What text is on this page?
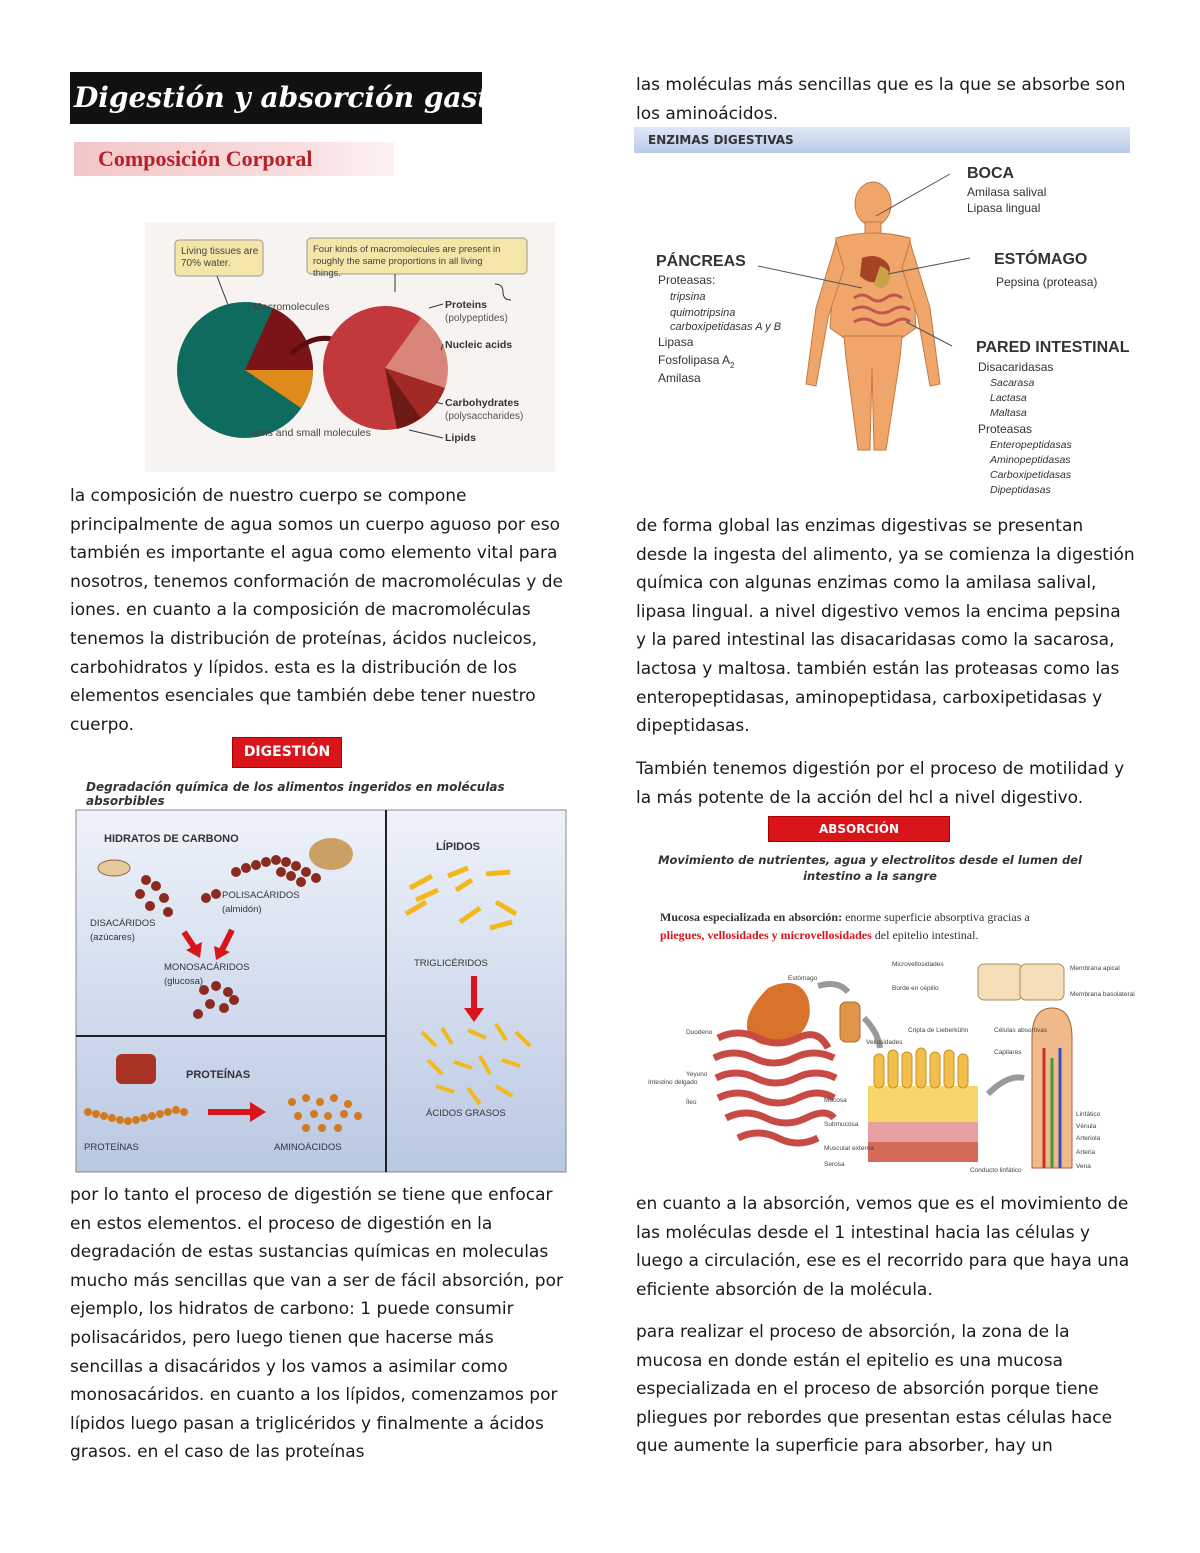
Digestión y absorción gastrointestinal
Composición Corporal
Living tissues are 70% water.
Four kinds of macromolecules are present in roughly the same proportions in all living things.
Macromolecules
Ions and small molecules
Proteins
(polypeptides)
Nucleic acids
Carbohydrates
(polysaccharides)
Lipids

la composición de nuestro cuerpo se compone principalmente de agua somos un cuerpo aguoso por eso también es importante el agua como elemento vital para nosotros, tenemos conformación de macromoléculas y de iones. en cuanto a la composición de macromoléculas tenemos la distribución de proteínas, ácidos nucleicos, carbohidratos y lípidos. esta es la distribución de los elementos esenciales que también debe tener nuestro cuerpo.

DIGESTIÓN
Degradación química de los alimentos ingeridos en moléculas absorbibles
HIDRATOS DE CARBONO
POLISACÁRIDOS
(almidón)
DISACÁRIDOS
(azúcares)
MONOSACÁRIDOS
(glucosa)
LÍPIDOS
TRIGLICÉRIDOS
ÁCIDOS GRASOS
PROTEÍNAS
PROTEÍNAS	AMINOÁCIDOS

por lo tanto el proceso de digestión se tiene que enfocar en estos elementos. el proceso de digestión en la degradación de estas sustancias químicas en moleculas mucho más sencillas que van a ser de fácil absorción, por ejemplo, los hidratos de carbono: 1 puede consumir polisacáridos, pero luego tienen que hacerse más sencillas a disacáridos y los vamos a asimilar como monosacáridos. en cuanto a los lípidos, comenzamos por lípidos luego pasan a triglicéridos y finalmente a ácidos grasos. en el caso de las proteínas

las moléculas más sencillas que es la que se absorbe son los aminoácidos.

ENZIMAS DIGESTIVAS
BOCA
Amilasa salival
Lipasa lingual
ESTÓMAGO
Pepsina (proteasa)
PÁNCREAS
Proteasas:
tripsina
quimotripsina
carboxipetidasas A y B
Lipasa
Fosfolipasa $A_2$
Amilasa
PARED INTESTINAL
Disacaridasas
Sacarasa
Lactasa
Maltasa
Proteasas
Enteropeptidasas
Aminopeptidasas
Carboxipetidasas
Dipeptidasas

de forma global las enzimas digestivas se presentan desde la ingesta del alimento, ya se comienza la digestión química con algunas enzimas como la amilasa salival, lipasa lingual. a nivel digestivo vemos la encima pepsina y la pared intestinal las disacaridasas como la sacarosa, lactosa y maltosa. también están las proteasas como las enteropeptidasas, aminopeptidasa, carboxipetidasas y dipeptidasas.

También tenemos digestión por el proceso de motilidad y la más potente de la acción del hcl a nivel digestivo.

ABSORCIÓN
Movimiento de nutrientes, agua y electrolitos desde el lumen del intestino a la sangre
Mucosa especializada en absorción: enorme superficie absorptiva gracias a
pliegues, vellosidades y microvellosidades del epitelio intestinal.
Estómago
Duodeno
Yeyuno
Íleo
Intestino delgado
Vellosidades
Cripta de Lieberkühn
Mucosa
Submucosa
Muscular externa
Serosa
Microvellosidades
Borde en cepillo
Membrana apical
Membrana basolateral
Células absortivas
Capilares
Linfático
Vénula
Arteriola
Arteria
Vena
Conducto linfático

en cuanto a la absorción, vemos que es el movimiento de las moléculas desde el 1 intestinal hacia las células y luego a circulación, ese es el recorrido para que haya una eficiente absorción de la molécula.

para realizar el proceso de absorción, la zona de la mucosa en donde están el epitelio es una mucosa especializada en el proceso de absorción porque tiene pliegues por rebordes que presentan estas células hace que aumente la superficie para absorber, hay un
